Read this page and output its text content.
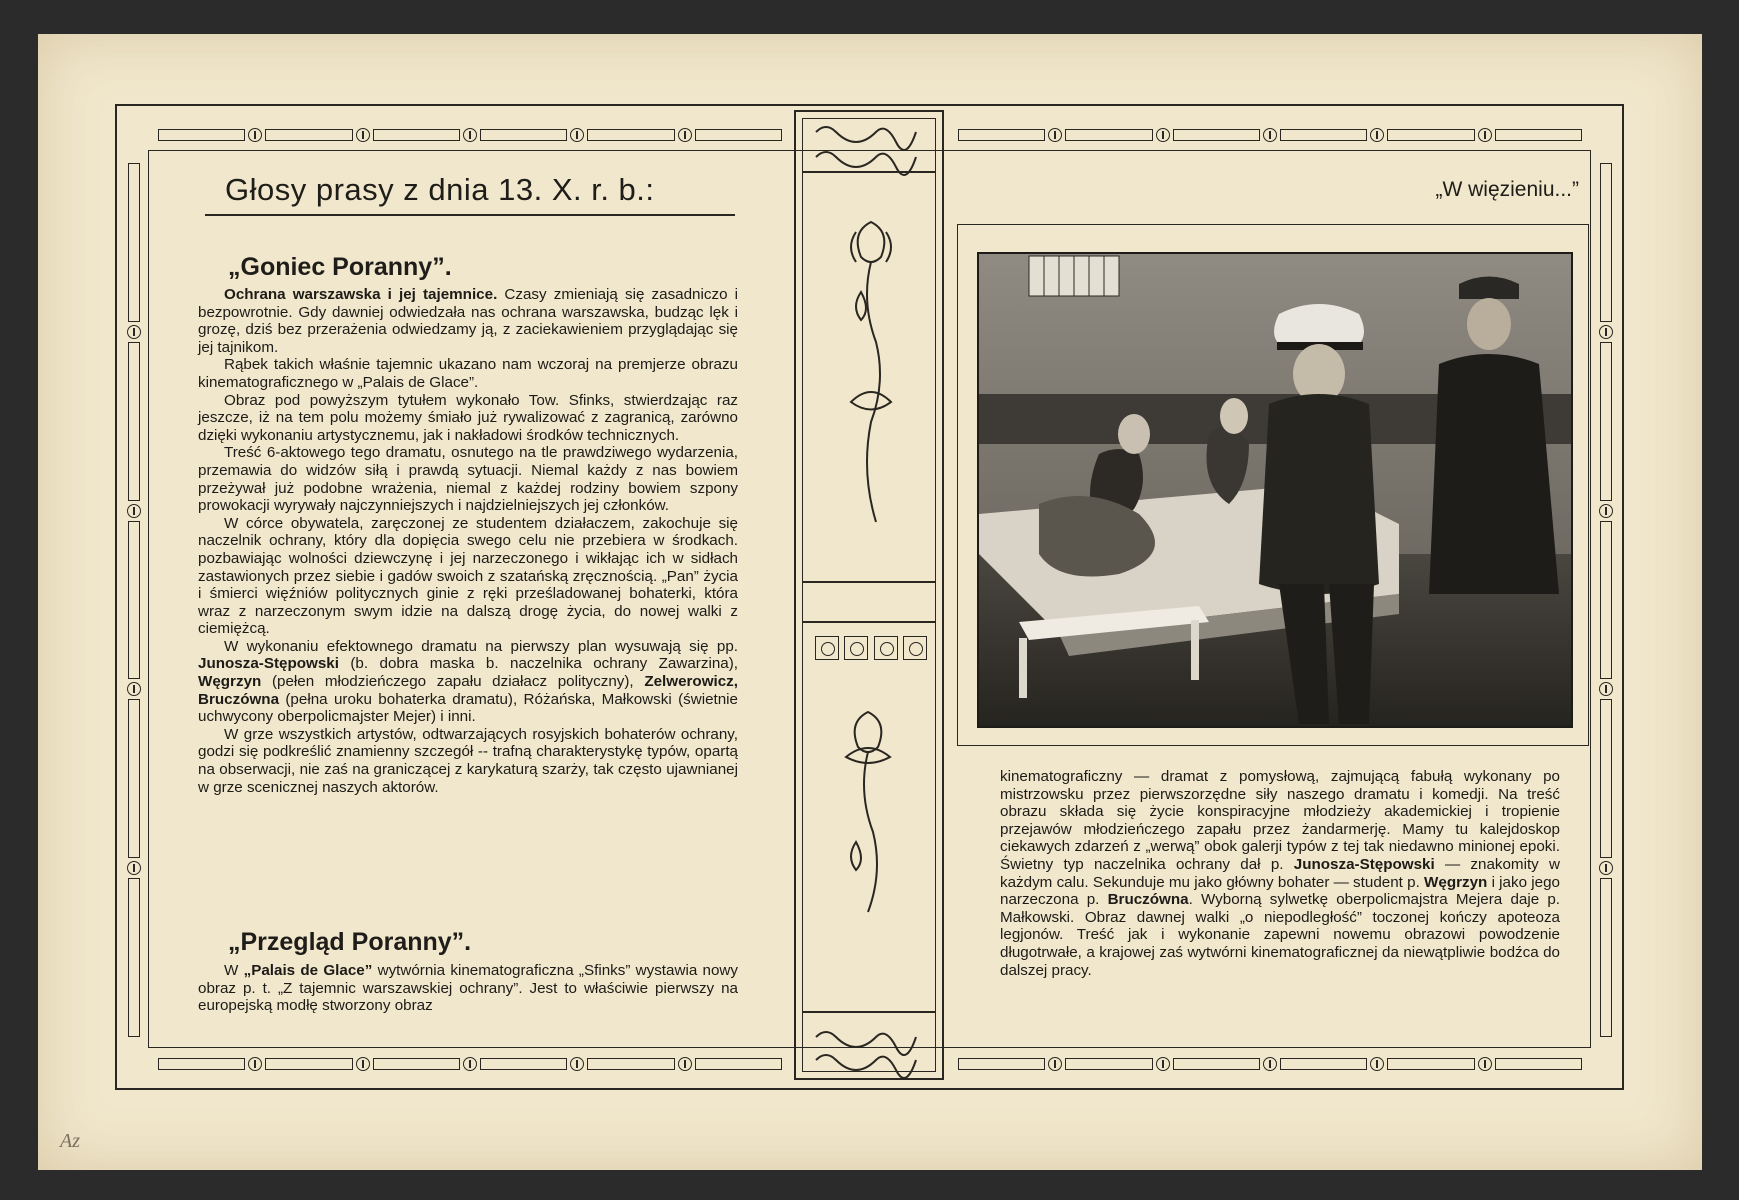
Głosy prasy z dnia 13. X. r. b.:	„W więzieniu...”
„Goniec Poranny”.

Ochrana warszawska i jej tajemnice. Czasy zmieniają się zasadniczo i bezpowrotnie. Gdy dawniej odwiedzała nas ochrana warszawska, budząc lęk i grozę, dziś bez przerażenia odwiedzamy ją, z zaciekawieniem przyglądając się jej tajnikom.

Rąbek takich właśnie tajemnic ukazano nam wczoraj na premjerze obrazu kinematograficznego w „Palais de Glace”.

Obraz pod powyższym tytułem wykonało Tow. Sfinks, stwierdzając raz jeszcze, iż na tem polu możemy śmiało już rywalizować z zagranicą, zarówno dzięki wykonaniu artystycznemu, jak i nakładowi środków technicznych.

Treść 6-aktowego tego dramatu, osnutego na tle prawdziwego wydarzenia, przemawia do widzów siłą i prawdą sytuacji. Niemal każdy z nas bowiem przeżywał już podobne wrażenia, niemal z każdej rodziny bowiem szpony prowokacji wyrywały najczynniejszych i najdzielniejszych jej członków.

W córce obywatela, zaręczonej ze studentem działaczem, zakochuje się naczelnik ochrany, który dla dopięcia swego celu nie przebiera w środkach. pozbawiając wolności dziewczynę i jej narzeczonego i wikłając ich w sidłach zastawionych przez siebie i gadów swoich z szatańską zręcznością. „Pan” życia i śmierci więźniów politycznych ginie z ręki prześladowanej bohaterki, która wraz z narzeczonym swym idzie na dalszą drogę życia, do nowej walki z ciemiężcą.

W wykonaniu efektownego dramatu na pierwszy plan wysuwają się pp. Junosza-Stępowski (b. dobra maska b. naczelnika ochrany Zawarzina), Węgrzyn (pełen młodzieńczego zapału działacz polityczny), Zelwerowicz, Bruczówna (pełna uroku bohaterka dramatu), Różańska, Małkowski (świetnie uchwycony oberpolicmajster Mejer) i inni.

W grze wszystkich artystów, odtwarzających rosyjskich bohaterów ochrany, godzi się podkreślić znamienny szczegół -- trafną charakterystykę typów, opartą na obserwacji, nie zaś na graniczącej z karykaturą szarży, tak często ujawnianej w grze scenicznej naszych aktorów.

„Przegląd Poranny”.

W „Palais de Glace” wytwórnia kinematograficzna „Sfinks” wystawia nowy obraz p. t. „Z tajemnic warszawskiej ochrany”. Jest to właściwie pierwszy na europejską modłę stworzony obraz

kinematograficzny — dramat z pomysłową, zajmującą fabułą wykonany po mistrzowsku przez pierwszorzędne siły naszego dramatu i komedji. Na treść obrazu składa się życie konspiracyjne młodzieży akademickiej i tropienie przejawów młodzieńczego zapału przez żandarmerję. Mamy tu kalejdoskop ciekawych zdarzeń z „werwą” obok galerji typów z tej tak niedawno minionej epoki. Świetny typ naczelnika ochrany dał p. Junosza-Stępowski — znakomity w każdym calu. Sekunduje mu jako główny bohater — student p. Węgrzyn i jako jego narzeczona p. Bruczówna. Wyborną sylwetkę oberpolicmajstra Mejera daje p. Małkowski. Obraz dawnej walki „o niepodległość” toczonej kończy apoteoza legjonów. Treść jak i wykonanie zapewni nowemu obrazowi powodzenie długotrwałe, a krajowej zaś wytwórni kinematograficznej da niewątpliwie bodźca do dalszej pracy.

Az
